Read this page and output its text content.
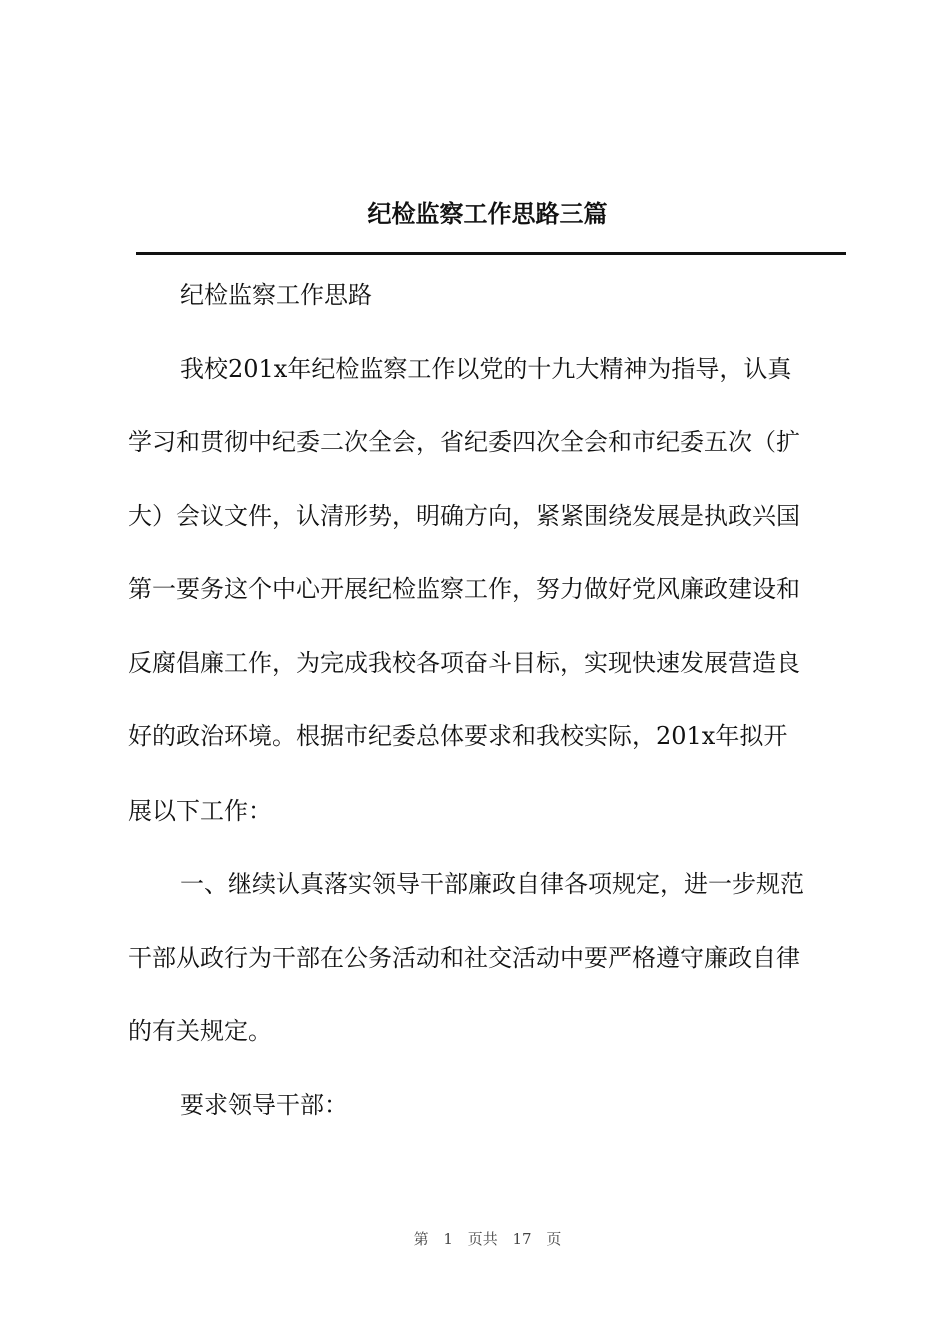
纪检监察工作思路三篇
纪检监察工作思路
我校201x年纪检监察工作以党的十九大精神为指导，认真
学习和贯彻中纪委二次全会，省纪委四次全会和市纪委五次（扩
大）会议文件，认清形势，明确方向，紧紧围绕发展是执政兴国
第一要务这个中心开展纪检监察工作，努力做好党风廉政建设和
反腐倡廉工作，为完成我校各项奋斗目标，实现快速发展营造良
好的政治环境。根据市纪委总体要求和我校实际，201x年拟开
展以下工作：
一、继续认真落实领导干部廉政自律各项规定，进一步规范
干部从政行为干部在公务活动和社交活动中要严格遵守廉政自律
的有关规定。
要求领导干部：
第 1 页共 17 页
